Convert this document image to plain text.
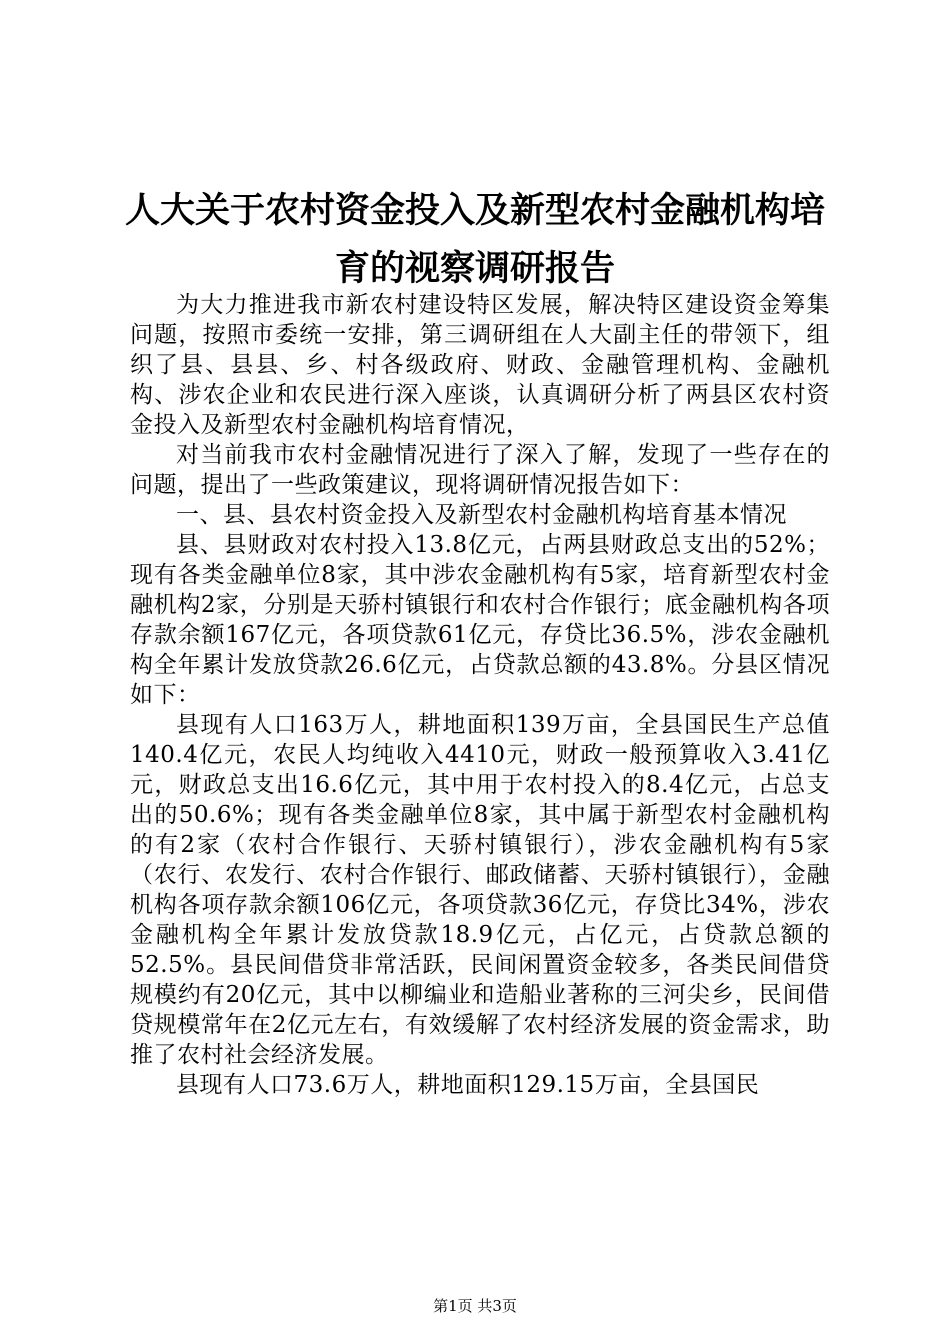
人大关于农村资金投入及新型农村金融机构培
育的视察调研报告

为大力推进我市新农村建设特区发展，解决特区建设资金筹集问题，按照市委统一安排，第三调研组在人大副主任的带领下，组织了县、县县、乡、村各级政府、财政、金融管理机构、金融机构、涉农企业和农民进行深入座谈，认真调研分析了两县区农村资金投入及新型农村金融机构培育情况，

对当前我市农村金融情况进行了深入了解，发现了一些存在的问题，提出了一些政策建议，现将调研情况报告如下：

一、县、县农村资金投入及新型农村金融机构培育基本情况

县、县财政对农村投入13.8亿元，占两县财政总支出的52%；现有各类金融单位8家，其中涉农金融机构有5家，培育新型农村金融机构2家，分别是天骄村镇银行和农村合作银行；底金融机构各项存款余额167亿元，各项贷款61亿元，存贷比36.5%，涉农金融机构全年累计发放贷款26.6亿元，占贷款总额的43.8%。分县区情况如下：

县现有人口163万人，耕地面积139万亩，全县国民生产总值140.4亿元，农民人均纯收入4410元，财政一般预算收入3.41亿元，财政总支出16.6亿元，其中用于农村投入的8.4亿元，占总支出的50.6%；现有各类金融单位8家，其中属于新型农村金融机构的有2家（农村合作银行、天骄村镇银行），涉农金融机构有5家（农行、农发行、农村合作银行、邮政储蓄、天骄村镇银行），金融机构各项存款余额106亿元，各项贷款36亿元，存贷比34%，涉农金融机构全年累计发放贷款18.9亿元，占亿元，占贷款总额的52.5%。县民间借贷非常活跃，民间闲置资金较多，各类民间借贷规模约有20亿元，其中以柳编业和造船业著称的三河尖乡，民间借贷规模常年在2亿元左右，有效缓解了农村经济发展的资金需求，助推了农村社会经济发展。

县现有人口73.6万人，耕地面积129.15万亩，全县国民

第1页 共3页
